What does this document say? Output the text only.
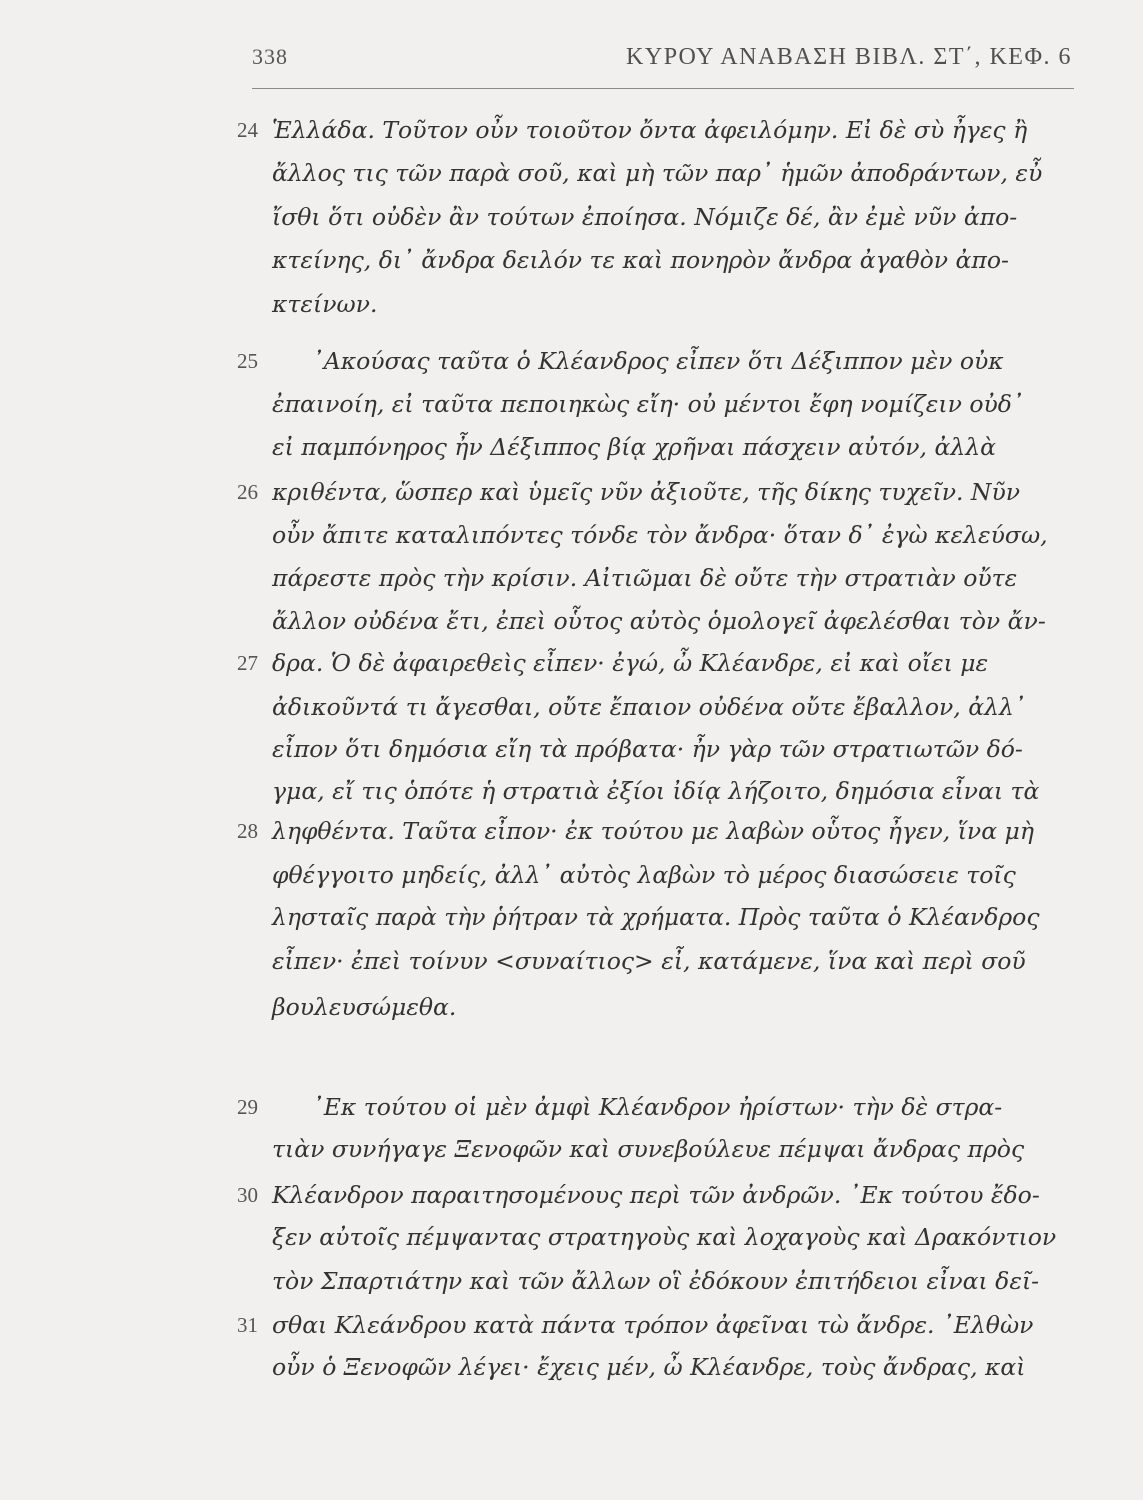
338	ΚΥΡΟΥ ΑΝΑΒΑΣΗ ΒΙΒΛ. ΣΤ΄, ΚΕΦ. 6
24
25
26
27
28
29
30
31
Ἑλλάδα. Τοῦτον οὖν τοιοῦτον ὄντα ἀφειλόμην. Εἰ δὲ σὺ ἦγες ἢ
ἄλλος τις τῶν παρὰ σοῦ, καὶ μὴ τῶν παρ᾽ ἡμῶν ἀποδράντων, εὖ
ἴσθι ὅτι οὐδὲν ἂν τούτων ἐποίησα. Νόμιζε δέ, ἂν ἐμὲ νῦν ἀπο-
κτείνης, δι᾽ ἄνδρα δειλόν τε καὶ πονηρὸν ἄνδρα ἀγαθὸν ἀπο-
κτείνων.
᾽Ακούσας ταῦτα ὁ Κλέανδρος εἶπεν ὅτι Δέξιππον μὲν οὐκ
ἐπαινοίη, εἰ ταῦτα πεποιηκὼς εἴη· οὐ μέντοι ἔφη νομίζειν οὐδ᾽
εἰ παμπόνηρος ἦν Δέξιππος βίᾳ χρῆναι πάσχειν αὐτόν, ἀλλὰ
κριθέντα, ὥσπερ καὶ ὑμεῖς νῦν ἀξιοῦτε, τῆς δίκης τυχεῖν. Νῦν
οὖν ἄπιτε καταλιπόντες τόνδε τὸν ἄνδρα· ὅταν δ᾽ ἐγὼ κελεύσω,
πάρεστε πρὸς τὴν κρίσιν. Αἰτιῶμαι δὲ οὔτε τὴν στρατιὰν οὔτε
ἄλλον οὐδένα ἔτι, ἐπεὶ οὗτος αὐτὸς ὁμολογεῖ ἀφελέσθαι τὸν ἄν-
δρα. Ὁ δὲ ἀφαιρεθεὶς εἶπεν· ἐγώ, ὦ Κλέανδρε, εἰ καὶ οἴει με
ἀδικοῦντά τι ἄγεσθαι, οὔτε ἔπαιον οὐδένα οὔτε ἔβαλλον, ἀλλ᾽
εἶπον ὅτι δημόσια εἴη τὰ πρόβατα· ἦν γὰρ τῶν στρατιωτῶν δό-
γμα, εἴ τις ὁπότε ἡ στρατιὰ ἐξίοι ἰδίᾳ λήζοιτο, δημόσια εἶναι τὰ
ληφθέντα. Ταῦτα εἶπον· ἐκ τούτου με λαβὼν οὗτος ἦγεν, ἵνα μὴ
φθέγγοιτο μηδείς, ἀλλ᾽ αὐτὸς λαβὼν τὸ μέρος διασώσειε τοῖς
λησταῖς παρὰ τὴν ῥήτραν τὰ χρήματα. Πρὸς ταῦτα ὁ Κλέανδρος
εἶπεν· ἐπεὶ τοίνυν <συναίτιος> εἶ, κατάμενε, ἵνα καὶ περὶ σοῦ
βουλευσώμεθα.
᾽Εκ τούτου οἱ μὲν ἀμφὶ Κλέανδρον ἠρίστων· τὴν δὲ στρα-
τιὰν συνήγαγε Ξενοφῶν καὶ συνεβούλευε πέμψαι ἄνδρας πρὸς
Κλέανδρον παραιτησομένους περὶ τῶν ἀνδρῶν. ᾽Εκ τούτου ἔδο-
ξεν αὐτοῖς πέμψαντας στρατηγοὺς καὶ λοχαγοὺς καὶ Δρακόντιον
τὸν Σπαρτιάτην καὶ τῶν ἄλλων οἳ ἐδόκουν ἐπιτήδειοι εἶναι δεῖ-
σθαι Κλεάνδρου κατὰ πάντα τρόπον ἀφεῖναι τὼ ἄνδρε. ᾽Ελθὼν
οὖν ὁ Ξενοφῶν λέγει· ἔχεις μέν, ὦ Κλέανδρε, τοὺς ἄνδρας, καὶ
